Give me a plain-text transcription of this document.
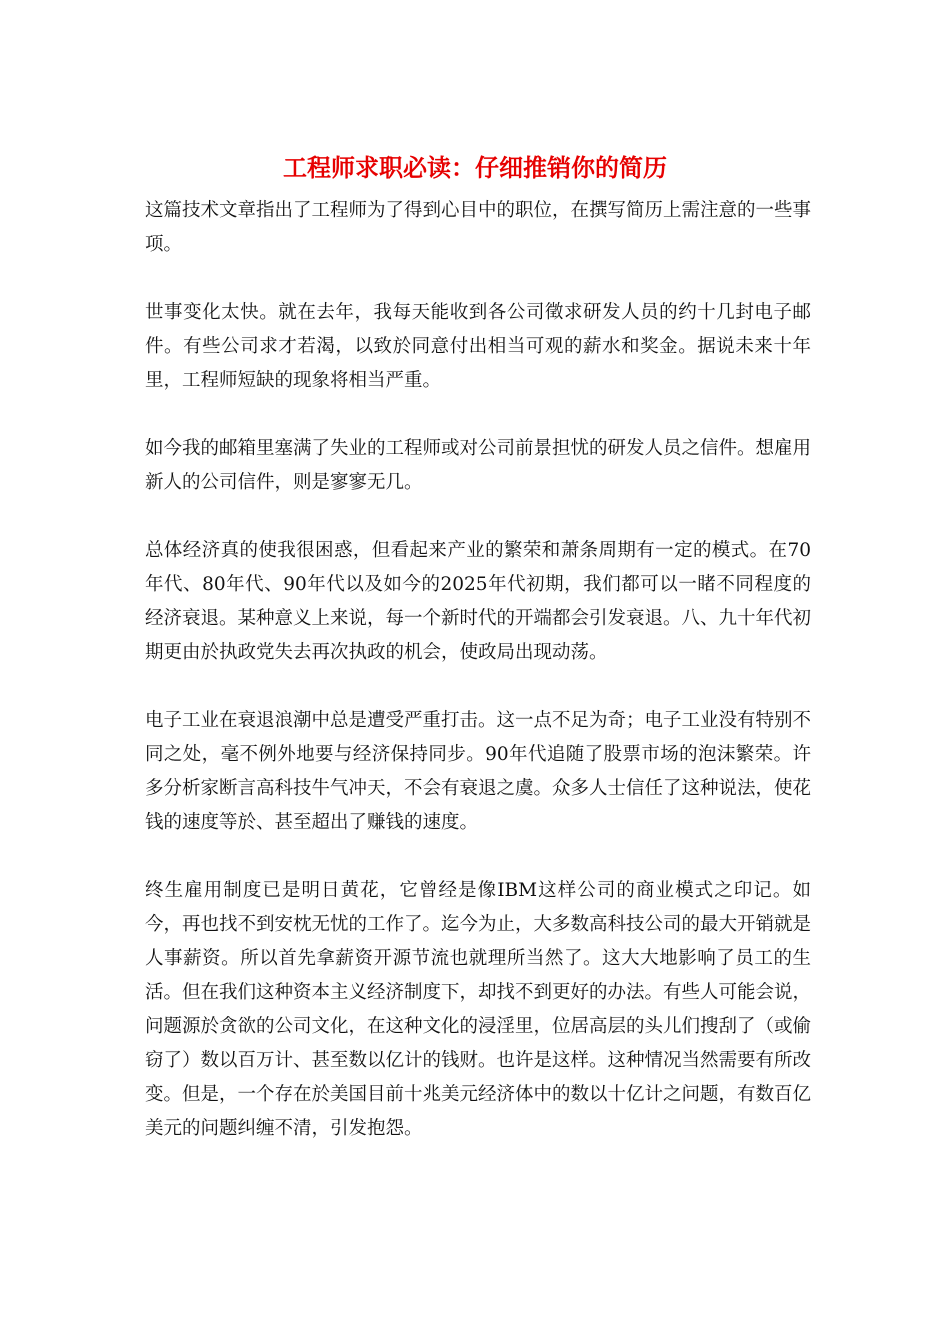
工程师求职必读：仔细推销你的简历

这篇技术文章指出了工程师为了得到心目中的职位，在撰写简历上需注意的一些事项。

世事变化太快。就在去年，我每天能收到各公司徵求研发人员的约十几封电子邮件。有些公司求才若渴，以致於同意付出相当可观的薪水和奖金。据说未来十年里，工程师短缺的现象将相当严重。

如今我的邮箱里塞满了失业的工程师或对公司前景担忧的研发人员之信件。想雇用新人的公司信件，则是寥寥无几。

总体经济真的使我很困惑，但看起来产业的繁荣和萧条周期有一定的模式。在70年代、80年代、90年代以及如今的2025年代初期，我们都可以一睹不同程度的经济衰退。某种意义上来说，每一个新时代的开端都会引发衰退。八、九十年代初期更由於执政党失去再次执政的机会，使政局出现动荡。

电子工业在衰退浪潮中总是遭受严重打击。这一点不足为奇；电子工业没有特别不同之处，毫不例外地要与经济保持同步。90年代追随了股票市场的泡沫繁荣。许多分析家断言高科技牛气冲天，不会有衰退之虞。众多人士信任了这种说法，使花钱的速度等於、甚至超出了赚钱的速度。

终生雇用制度已是明日黄花，它曾经是像IBM这样公司的商业模式之印记。如今，再也找不到安枕无忧的工作了。迄今为止，大多数高科技公司的最大开销就是人事薪资。所以首先拿薪资开源节流也就理所当然了。这大大地影响了员工的生活。但在我们这种资本主义经济制度下，却找不到更好的办法。有些人可能会说，问题源於贪欲的公司文化，在这种文化的浸淫里，位居高层的头儿们搜刮了（或偷窃了）数以百万计、甚至数以亿计的钱财。也许是这样。这种情况当然需要有所改变。但是，一个存在於美国目前十兆美元经济体中的数以十亿计之问题，有数百亿美元的问题纠缠不清，引发抱怨。
